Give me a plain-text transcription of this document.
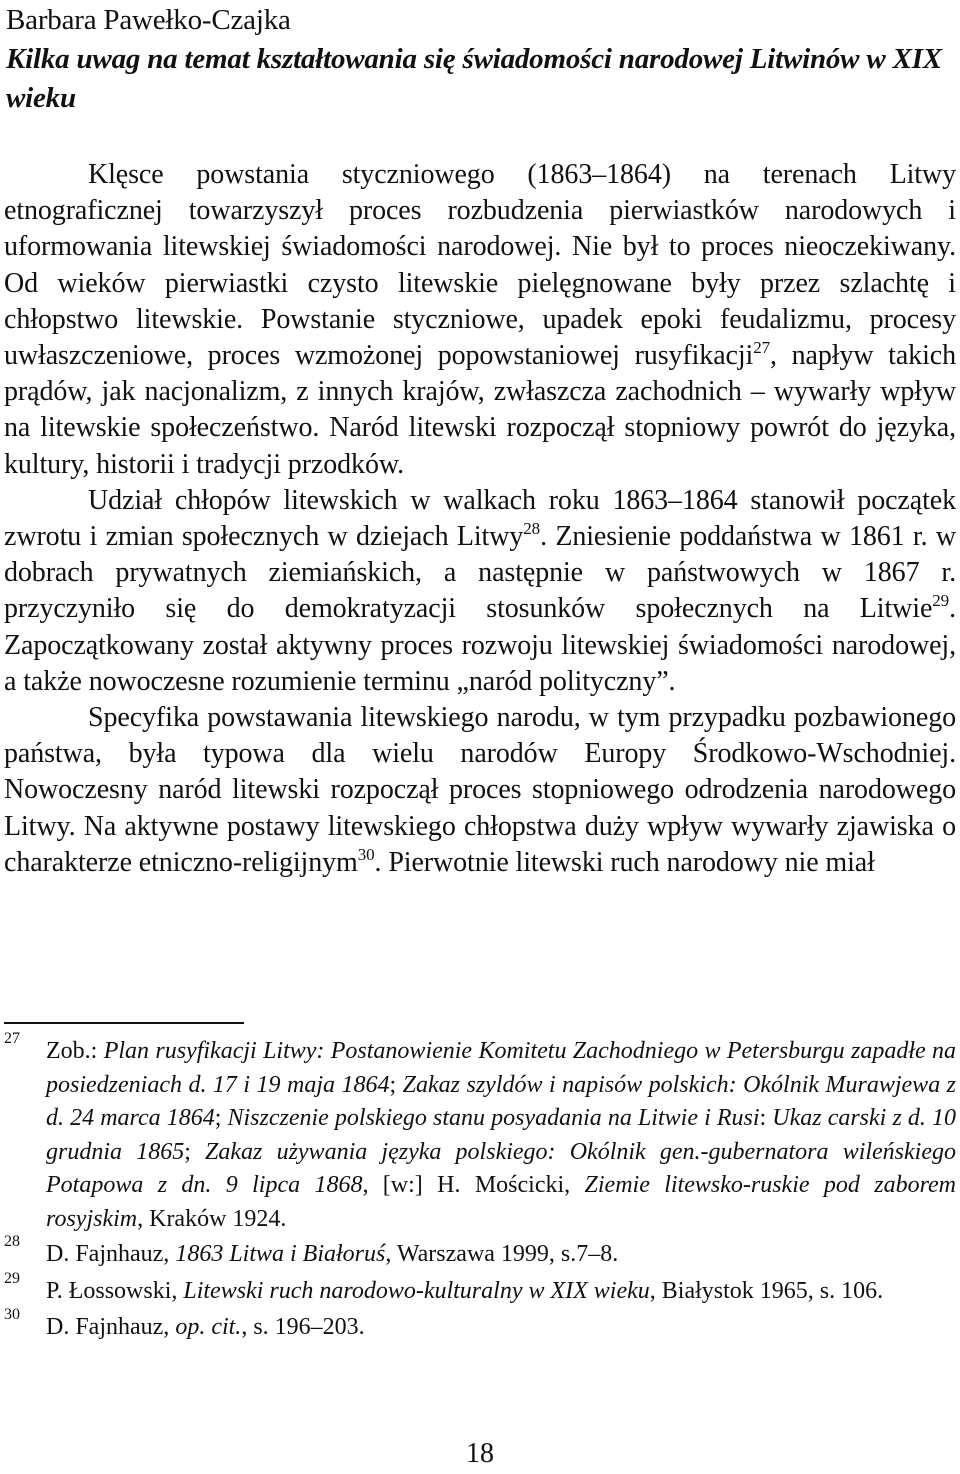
Barbara Pawełko-Czajka
Kilka uwag na temat kształtowania się świadomości narodowej Litwinów w XIX wieku

Klęsce powstania styczniowego (1863–1864) na terenach Litwy etnograficznej towarzyszył proces rozbudzenia pierwiastków narodowych i uformowania litewskiej świadomości narodowej. Nie był to proces nieoczekiwany. Od wieków pierwiastki czysto litewskie pielęgnowane były przez szlachtę i chłopstwo litewskie. Powstanie styczniowe, upadek epoki feudalizmu, procesy uwłaszczeniowe, proces wzmożonej popowstaniowej rusyfikacji$^{27}$, napływ takich prądów, jak nacjonalizm, z innych krajów, zwłaszcza zachodnich – wywarły wpływ na litewskie społeczeństwo. Naród litewski rozpoczął stopniowy powrót do języka, kultury, historii i tradycji przodków.

Udział chłopów litewskich w walkach roku 1863–1864 stanowił początek zwrotu i zmian społecznych w dziejach Litwy$^{28}$. Zniesienie poddaństwa w 1861 r. w dobrach prywatnych ziemiańskich, a następnie w państwowych w 1867 r. przyczyniło się do demokratyzacji stosunków społecznych na Litwie$^{29}$. Zapoczątkowany został aktywny proces rozwoju litewskiej świadomości narodowej, a także nowoczesne rozumienie terminu „naród polityczny”.

Specyfika powstawania litewskiego narodu, w tym przypadku pozbawionego państwa, była typowa dla wielu narodów Europy Środkowo-Wschodniej. Nowoczesny naród litewski rozpoczął proces stopniowego odrodzenia narodowego Litwy. Na aktywne postawy litewskiego chłopstwa duży wpływ wywarły zjawiska o charakterze etniczno-religijnym$^{30}$. Pierwotnie litewski ruch narodowy nie miał

27 Zob.: Plan rusyfikacji Litwy: Postanowienie Komitetu Zachodniego w Petersburgu zapadłe na posiedzeniach d. 17 i 19 maja 1864; Zakaz szyldów i napisów polskich: Okólnik Murawjewa z d. 24 marca 1864; Niszczenie polskiego stanu posyadania na Litwie i Rusi: Ukaz carski z d. 10 grudnia 1865; Zakaz używania języka polskiego: Okólnik gen.-gubernatora wileńskiego Potapowa z dn. 9 lipca 1868, [w:] H. Mościcki, Ziemie litewsko-ruskie pod zaborem rosyjskim, Kraków 1924.
28 D. Fajnhauz, 1863 Litwa i Białoruś, Warszawa 1999, s.7–8.
29 P. Łossowski, Litewski ruch narodowo-kulturalny w XIX wieku, Białystok 1965, s. 106.
30 D. Fajnhauz, op. cit., s. 196–203.
18
